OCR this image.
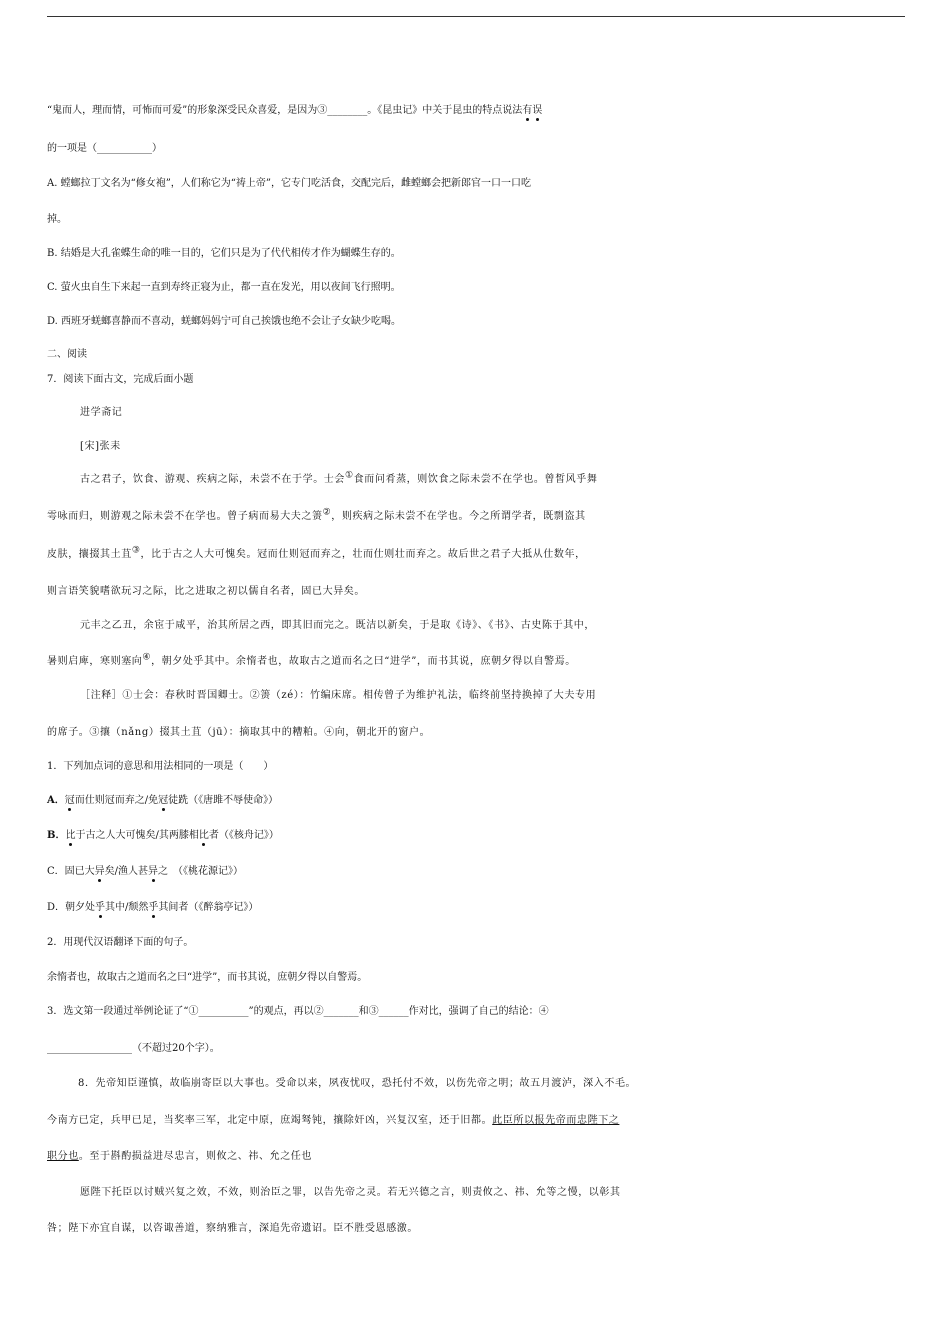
“鬼而人，理而情，可怖而可爱”的形象深受民众喜爱，是因为③________。《昆虫记》中关于昆虫的特点说法有误
的一项是（___________）
A. 螳螂拉丁文名为“修女袍”，人们称它为“祷上帝”，它专门吃活食，交配完后，雌螳螂会把新郎官一口一口吃
掉。
B. 结婚是大孔雀蝶生命的唯一目的，它们只是为了代代相传才作为蝴蝶生存的。
C. 萤火虫自生下来起一直到寿终正寝为止，都一直在发光，用以夜间飞行照明。
D. 西班牙蜣螂喜静而不喜动，蜣螂妈妈宁可自己挨饿也绝不会让子女缺少吃喝。
二、阅读
7．阅读下面古文，完成后面小题
进学斋记
[宋]张耒
古之君子，饮食、游观、疾病之际，未尝不在于学。士会①食而问肴蒸，则饮食之际未尝不在学也。曾皙风乎舞
雩咏而归，则游观之际未尝不在学也。曾子病而易大夫之箦②，则疾病之际未尝不在学也。今之所谓学者，既剽盗其
皮肤，攘掇其土苴③，比于古之人大可愧矣。冠而仕则冠而弃之，壮而仕则壮而弃之。故后世之君子大抵从仕数年，
则言语笑貌嗜欲玩习之际，比之进取之初以儒自名者，固已大异矣。
元丰之乙丑，余宦于咸平，治其所居之西，即其旧而完之。既洁以新矣，于是取《诗》、《书》、古史陈于其中，
暑则启庳，寒则塞向④，朝夕处乎其中。余惰者也，故取古之道而名之曰“进学”，而书其说，庶朝夕得以自警焉。
［注释］①士会：春秋时晋国卿士。②箦（zé）：竹编床席。相传曾子为维护礼法，临终前坚持换掉了大夫专用
的席子。③攘（nǎng）掇其土苴（jū）：摘取其中的糟粕。④向，朝北开的窗户。
1．下列加点词的意思和用法相同的一项是（　　）
A．冠而仕则冠而弃之/免冠徒跣（《唐雎不辱使命》）
B．比于古之人大可愧矣/其两膝相比者（《核舟记》）
C．固已大异矣/渔人甚异之　（《桃花源记》）
D．朝夕处乎其中/颓然乎其间者（《醉翁亭记》）
2．用现代汉语翻译下面的句子。
余惰者也，故取古之道而名之曰“进学”，而书其说，庶朝夕得以自警焉。
3．选文第一段通过举例论证了“①__________”的观点，再以②_______和③______作对比，强调了自己的结论：④
_________________（不超过20个字）。
8．先帝知臣谨慎，故临崩寄臣以大事也。受命以来，夙夜忧叹，恐托付不效，以伤先帝之明；故五月渡泸，深入不毛。
今南方已定，兵甲已足，当奖率三军，北定中原，庶竭驽钝，攘除奸凶，兴复汉室，还于旧都。此臣所以报先帝而忠陛下之
职分也。至于斟酌损益进尽忠言，则攸之、祎、允之任也
愿陛下托臣以讨贼兴复之效，不效，则治臣之罪，以告先帝之灵。若无兴德之言，则责攸之、祎、允等之慢，以彰其
咎；陛下亦宜自谋，以咨诹善道，察纳雅言，深追先帝遗诏。臣不胜受恩感激。
